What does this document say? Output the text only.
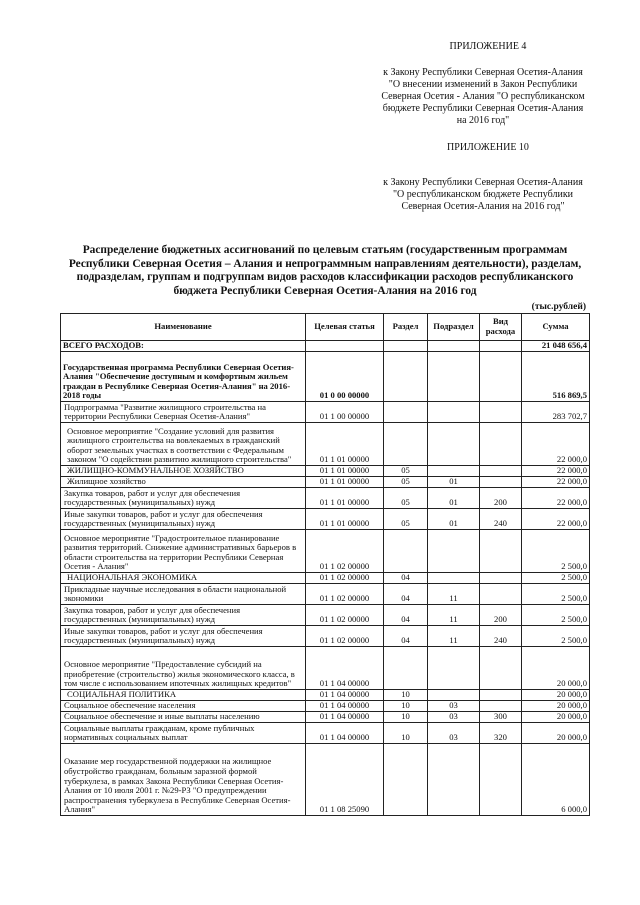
ПРИЛОЖЕНИЕ 4
к Закону Республики Северная Осетия-Алания "О внесении изменений в Закон Республики Северная Осетия - Алания "О республиканском бюджете Республики Северная Осетия-Алания на 2016 год"
ПРИЛОЖЕНИЕ 10
к Закону Республики Северная Осетия-Алания "О республиканском бюджете Республики Северная Осетия-Алания на 2016 год"
Распределение бюджетных ассигнований по целевым статьям (государственным программам Республики Северная Осетия – Алания и непрограммным направлениям деятельности), разделам, подразделам, группам и подгруппам видов расходов классификации расходов республиканского бюджета Республики Северная Осетия-Алания на 2016 год
(тыс.рублей)
Наименование	Целевая статья	Раздел	Подраздел	Вид расхода	Сумма
ВСЕГО РАСХОДОВ:					21 048 656,4
Государственная программа Республики Северная Осетия-Алания "Обеспечение доступным и комфортным жильем граждан в Республике Северная Осетия-Алания" на 2016-2018 годы	01 0 00 00000				516 869,5
Подпрограмма "Развитие жилищного строительства на территории Республики Северная Осетия-Алания"	01 1 00 00000				283 702,7
Основное мероприятие "Создание условий для развития жилищного строительства на вовлекаемых в гражданский оборот земельных участках в соответствии с Федеральным законом "О содействии развитию жилищного строительства"	01 1 01 00000				22 000,0
ЖИЛИЩНО-КОММУНАЛЬНОЕ ХОЗЯЙСТВО	01 1 01 00000	05			22 000,0
Жилищное хозяйство	01 1 01 00000	05	01		22 000,0
Закупка товаров, работ и услуг для обеспечения государственных (муниципальных) нужд	01 1 01 00000	05	01	200	22 000,0
Иные закупки товаров, работ и услуг для обеспечения государственных (муниципальных) нужд	01 1 01 00000	05	01	240	22 000,0
Основное мероприятие "Градостроительное планирование развития территорий. Снижение административных барьеров в области строительства на территории Республики Северная Осетия - Алания"	01 1 02 00000				2 500,0
НАЦИОНАЛЬНАЯ ЭКОНОМИКА	01 1 02 00000	04			2 500,0
Прикладные научные исследования в области национальной экономики	01 1 02 00000	04	11		2 500,0
Закупка товаров, работ и услуг для обеспечения государственных (муниципальных) нужд	01 1 02 00000	04	11	200	2 500,0
Иные закупки товаров, работ и услуг для обеспечения государственных (муниципальных) нужд	01 1 02 00000	04	11	240	2 500,0
Основное мероприятие "Предоставление субсидий на приобретение (строительство) жилья экономического класса, в том числе с использованием ипотечных жилищных кредитов"	01 1 04 00000				20 000,0
СОЦИАЛЬНАЯ ПОЛИТИКА	01 1 04 00000	10			20 000,0
Социальное обеспечение населения	01 1 04 00000	10	03		20 000,0
Социальное обеспечение и иные выплаты населению	01 1 04 00000	10	03	300	20 000,0
Социальные выплаты гражданам, кроме публичных нормативных социальных выплат	01 1 04 00000	10	03	320	20 000,0
Оказание мер государственной поддержки на жилищное обустройство гражданам, больным заразной формой туберкулеза, в рамках Закона Республики Северная Осетия-Алания от 10 июля 2001 г. №29-РЗ "О предупреждении распространения туберкулеза в Республике Северная Осетия-Алания"	01 1 08 25090				6 000,0
